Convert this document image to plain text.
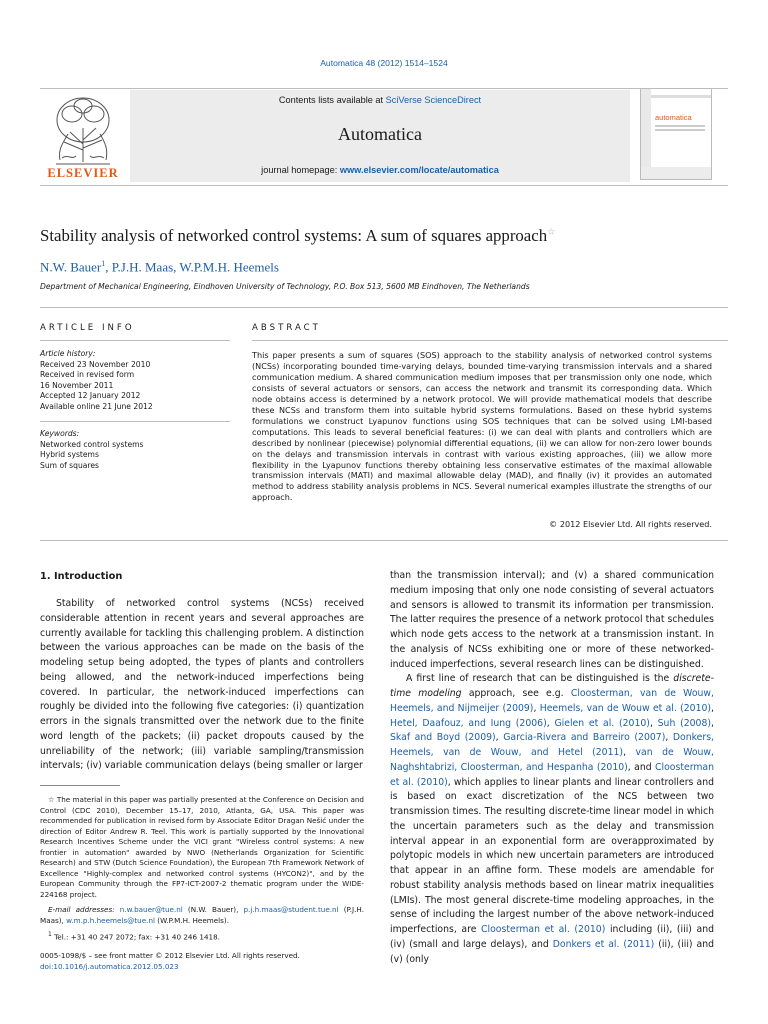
Automatica 48 (2012) 1514–1524
ELSEVIER
Contents lists available at SciVerse ScienceDirect
Automatica
journal homepage: www.elsevier.com/locate/automatica
automatica
Stability analysis of networked control systems: A sum of squares approach☆
N.W. Bauer$^1$, P.J.H. Maas, W.P.M.H. Heemels
Department of Mechanical Engineering, Eindhoven University of Technology, P.O. Box 513, 5600 MB Eindhoven, The Netherlands
ARTICLE INFO
Article history:
Received 23 November 2010
Received in revised form
16 November 2011
Accepted 12 January 2012
Available online 21 June 2012
Keywords:
Networked control systems
Hybrid systems
Sum of squares
ABSTRACT
This paper presents a sum of squares (SOS) approach to the stability analysis of networked control systems (NCSs) incorporating bounded time-varying delays, bounded time-varying transmission intervals and a shared communication medium. A shared communication medium imposes that per transmission only one node, which consists of several actuators or sensors, can access the network and transmit its corresponding data. Which node obtains access is determined by a network protocol. We will provide mathematical models that describe these NCSs and transform them into suitable hybrid systems formulations. Based on these hybrid systems formulations we construct Lyapunov functions using SOS techniques that can be solved using LMI-based computations. This leads to several beneficial features: (i) we can deal with plants and controllers which are described by nonlinear (piecewise) polynomial differential equations, (ii) we can allow for non-zero lower bounds on the delays and transmission intervals in contrast with various existing approaches, (iii) we allow more flexibility in the Lyapunov functions thereby obtaining less conservative estimates of the maximal allowable transmission intervals (MATI) and maximal allowable delay (MAD), and finally (iv) it provides an automated method to address stability analysis problems in NCS. Several numerical examples illustrate the strengths of our approach.
© 2012 Elsevier Ltd. All rights reserved.
1. Introduction
Stability of networked control systems (NCSs) received considerable attention in recent years and several approaches are currently available for tackling this challenging problem. A distinction between the various approaches can be made on the basis of the modeling setup being adopted, the types of plants and controllers being allowed, and the network-induced imperfections being covered. In particular, the network-induced imperfections can roughly be divided into the following five categories: (i) quantization errors in the signals transmitted over the network due to the finite word length of the packets; (ii) packet dropouts caused by the unreliability of the network; (iii) variable sampling/transmission intervals; (iv) variable communication delays (being smaller or larger
☆ The material in this paper was partially presented at the Conference on Decision and Control (CDC 2010), December 15–17, 2010, Atlanta, GA, USA. This paper was recommended for publication in revised form by Associate Editor Dragan Nešić under the direction of Editor Andrew R. Teel. This work is partially supported by the Innovational Research Incentives Scheme under the VICI grant "Wireless control systems: A new frontier in automation" awarded by NWO (Netherlands Organization for Scientific Research) and STW (Dutch Science Foundation), the European 7th Framework Network of Excellence "Highly-complex and networked control systems (HYCON2)", and by the European Community through the FP7-ICT-2007-2 thematic program under the WIDE-224168 project.
E-mail addresses: n.w.bauer@tue.nl (N.W. Bauer), p.j.h.maas@student.tue.nl (P.J.H. Maas), w.m.p.h.heemels@tue.nl (W.P.M.H. Heemels).
$^1$ Tel.: +31 40 247 2072; fax: +31 40 246 1418.
0005-1098/$ – see front matter © 2012 Elsevier Ltd. All rights reserved.
doi:10.1016/j.automatica.2012.05.023
than the transmission interval); and (v) a shared communication medium imposing that only one node consisting of several actuators and sensors is allowed to transmit its information per transmission. The latter requires the presence of a network protocol that schedules which node gets access to the network at a transmission instant. In the analysis of NCSs exhibiting one or more of these networked-induced imperfections, several research lines can be distinguished.
A first line of research that can be distinguished is the discrete-time modeling approach, see e.g. Cloosterman, van de Wouw, Heemels, and Nijmeijer (2009), Heemels, van de Wouw et al. (2010), Hetel, Daafouz, and Iung (2006), Gielen et al. (2010), Suh (2008), Skaf and Boyd (2009), Garcia-Rivera and Barreiro (2007), Donkers, Heemels, van de Wouw, and Hetel (2011), van de Wouw, Naghshtabrizi, Cloosterman, and Hespanha (2010), and Cloosterman et al. (2010), which applies to linear plants and linear controllers and is based on exact discretization of the NCS between two transmission times. The resulting discrete-time linear model in which the uncertain parameters such as the delay and transmission interval appear in an exponential form are overapproximated by polytopic models in which new uncertain parameters are introduced that appear in an affine form. These models are amendable for robust stability analysis methods based on linear matrix inequalities (LMIs). The most general discrete-time modeling approaches, in the sense of including the largest number of the above network-induced imperfections, are Cloosterman et al. (2010) including (ii), (iii) and (iv) (small and large delays), and Donkers et al. (2011) (ii), (iii) and (v) (only
